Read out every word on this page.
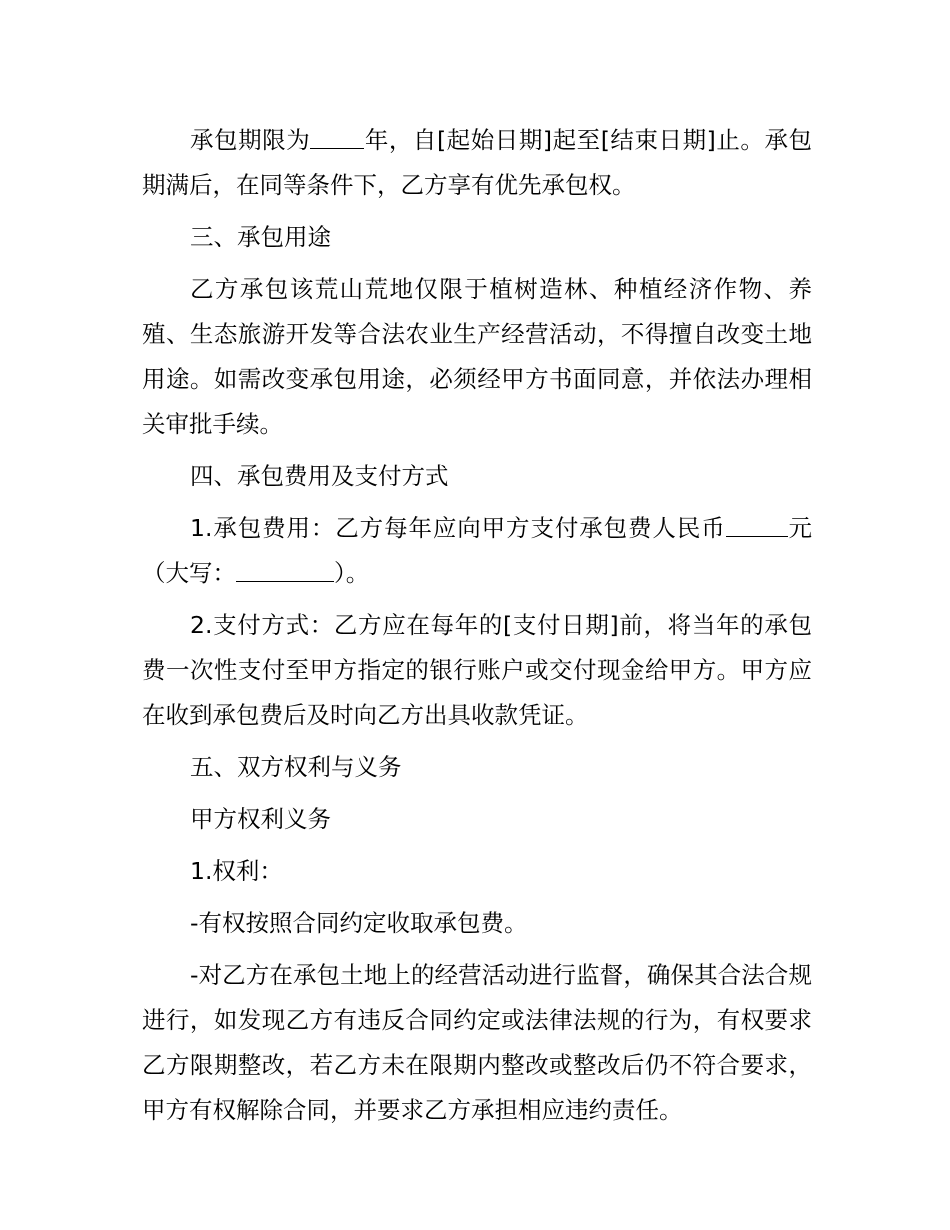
承包期限为 年，自[起始日期]起至[结束日期]止。承包期满后，在同等条件下，乙方享有优先承包权。

三、承包用途

乙方承包该荒山荒地仅限于植树造林、种植经济作物、养殖、生态旅游开发等合法农业生产经营活动，不得擅自改变土地用途。如需改变承包用途，必须经甲方书面同意，并依法办理相关审批手续。

四、承包费用及支付方式

1.承包费用：乙方每年应向甲方支付承包费人民币	元（大写：	）。

2.支付方式：乙方应在每年的[支付日期]前，将当年的承包费一次性支付至甲方指定的银行账户或交付现金给甲方。甲方应在收到承包费后及时向乙方出具收款凭证。

五、双方权利与义务

甲方权利义务

1.权利：

-有权按照合同约定收取承包费。

-对乙方在承包土地上的经营活动进行监督，确保其合法合规进行，如发现乙方有违反合同约定或法律法规的行为，有权要求乙方限期整改，若乙方未在限期内整改或整改后仍不符合要求，甲方有权解除合同，并要求乙方承担相应违约责任。
